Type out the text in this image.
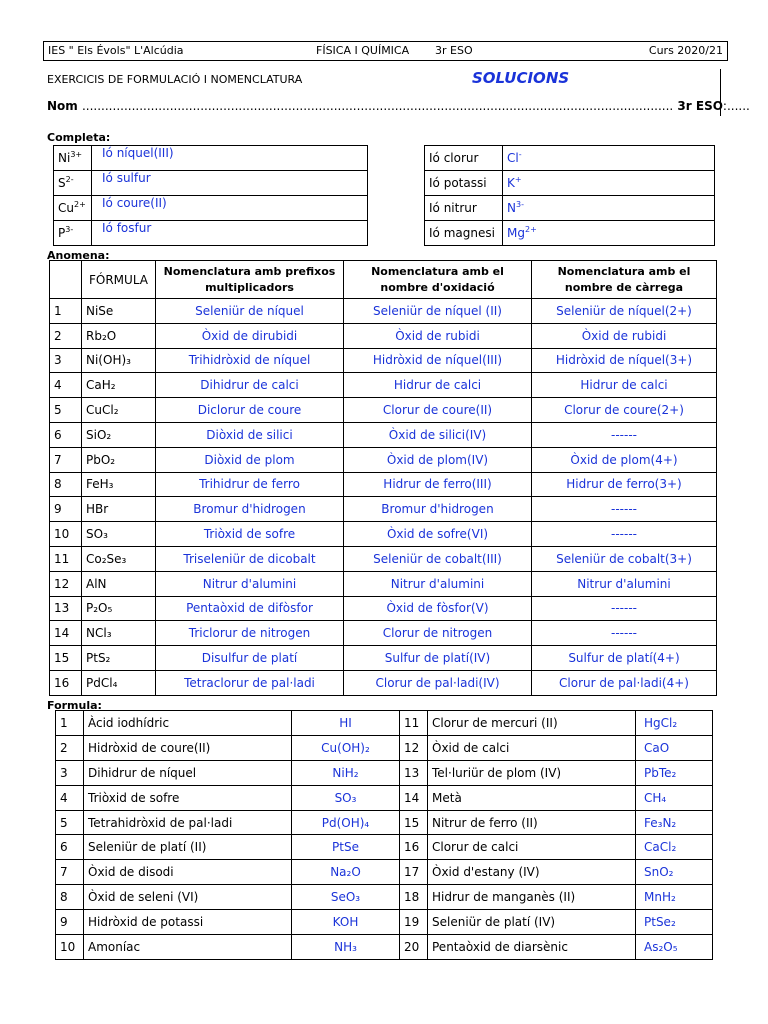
IES " Els Évols" L'Alcúdia	FÍSICA I QUÍMICA 3r ESO	Curs 2020/21
EXERCICIS DE FORMULACIÓ I NOMENCLATURA	SOLUCIONS
Nom ........................................................................................................................................................... 3r ESO:......
Completa:
$Ni^{3+}$	Ió níquel(III)
$S^{2-}$	Ió sulfur
$Cu^{2+}$	Ió coure(II)
$P^{3-}$	Ió fosfur
Ió clorur	Cl-
Ió potassi	K+
Ió nitrur	$N^{3-}$
Ió magnesi	$Mg^{2+}$
Anomena:
	FÓRMULA	Nomenclatura amb prefixos multiplicadors	Nomenclatura amb el nombre d'oxidació	Nomenclatura amb el nombre de càrrega
1	NiSe	Seleniür de níquel	Seleniür de níquel (II)	Seleniür de níquel(2+)
2	Rb₂O	Òxid de dirubidi	Òxid de rubidi	Òxid de rubidi
3	Ni(OH)₃	Trihidròxid de níquel	Hidròxid de níquel(III)	Hidròxid de níquel(3+)
4	CaH₂	Dihidrur de calci	Hidrur de calci	Hidrur de calci
5	CuCl₂	Diclorur de coure	Clorur de coure(II)	Clorur de coure(2+)
6	SiO₂	Diòxid de silici	Òxid de silici(IV)	------
7	PbO₂	Diòxid de plom	Òxid de plom(IV)	Òxid de plom(4+)
8	FeH₃	Trihidrur de ferro	Hidrur de ferro(III)	Hidrur de ferro(3+)
9	HBr	Bromur d'hidrogen	Bromur d'hidrogen	------
10	SO₃	Triòxid de sofre	Òxid de sofre(VI)	------
11	Co₂Se₃	Triseleniür de dicobalt	Seleniür de cobalt(III)	Seleniür de cobalt(3+)
12	AlN	Nitrur d'alumini	Nitrur d'alumini	Nitrur d'alumini
13	P₂O₅	Pentaòxid de difòsfor	Òxid de fòsfor(V)	------
14	NCl₃	Triclorur de nitrogen	Clorur de nitrogen	------
15	PtS₂	Disulfur de platí	Sulfur de platí(IV)	Sulfur de platí(4+)
16	PdCl₄	Tetraclorur de pal·ladi	Clorur de pal·ladi(IV)	Clorur de pal·ladi(4+)
Formula:
1	Àcid iodhídric	HI	11	Clorur de mercuri (II)	HgCl₂
2	Hidròxid de coure(II)	Cu(OH)₂	12	Òxid de calci	CaO
3	Dihidrur de níquel	NiH₂	13	Tel·luriür de plom (IV)	PbTe₂
4	Triòxid de sofre	SO₃	14	Metà	CH₄
5	Tetrahidròxid de pal·ladi	Pd(OH)₄	15	Nitrur de ferro (II)	Fe₃N₂
6	Seleniür de platí (II)	PtSe	16	Clorur de calci	CaCl₂
7	Òxid de disodi	Na₂O	17	Òxid d'estany (IV)	SnO₂
8	Òxid de seleni (VI)	SeO₃	18	Hidrur de manganès (II)	MnH₂
9	Hidròxid de potassi	KOH	19	Seleniür de platí (IV)	PtSe₂
10	Amoníac	NH₃	20	Pentaòxid de diarsènic	As₂O₅
